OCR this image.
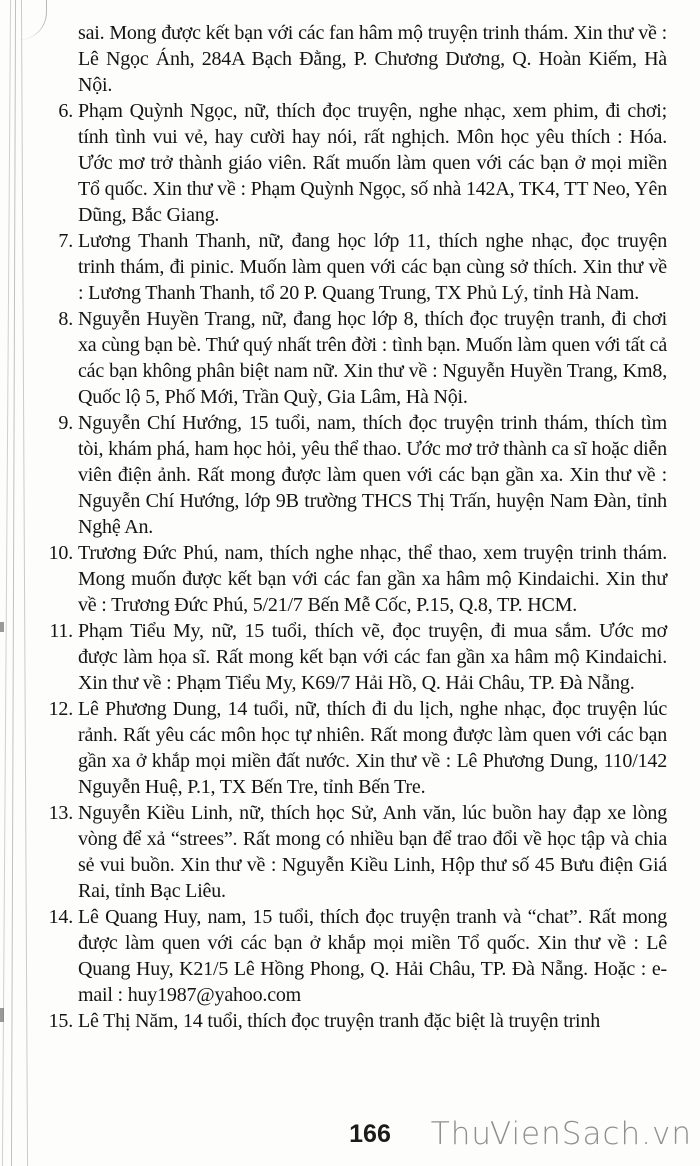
sai. Mong được kết bạn với các fan hâm mộ truyện trinh thám. Xin thư về : Lê Ngọc Ánh, 284A Bạch Đằng, P. Chương Dương, Q. Hoàn Kiếm, Hà Nội.

6. Phạm Quỳnh Ngọc, nữ, thích đọc truyện, nghe nhạc, xem phim, đi chơi; tính tình vui vẻ, hay cười hay nói, rất nghịch. Môn học yêu thích : Hóa. Ước mơ trở thành giáo viên. Rất muốn làm quen với các bạn ở mọi miền Tổ quốc. Xin thư về : Phạm Quỳnh Ngọc, số nhà 142A, TK4, TT Neo, Yên Dũng, Bắc Giang.
7. Lương Thanh Thanh, nữ, đang học lớp 11, thích nghe nhạc, đọc truyện trinh thám, đi pinic. Muốn làm quen với các bạn cùng sở thích. Xin thư về : Lương Thanh Thanh, tổ 20 P. Quang Trung, TX Phủ Lý, tỉnh Hà Nam.
8. Nguyễn Huyền Trang, nữ, đang học lớp 8, thích đọc truyện tranh, đi chơi xa cùng bạn bè. Thứ quý nhất trên đời : tình bạn. Muốn làm quen với tất cả các bạn không phân biệt nam nữ. Xin thư về : Nguyễn Huyền Trang, Km8, Quốc lộ 5, Phố Mới, Trần Quỳ, Gia Lâm, Hà Nội.
9. Nguyễn Chí Hướng, 15 tuổi, nam, thích đọc truyện trinh thám, thích tìm tòi, khám phá, ham học hỏi, yêu thể thao. Ước mơ trở thành ca sĩ hoặc diễn viên điện ảnh. Rất mong được làm quen với các bạn gần xa. Xin thư về : Nguyễn Chí Hướng, lớp 9B trường THCS Thị Trấn, huyện Nam Đàn, tỉnh Nghệ An.
10. Trương Đức Phú, nam, thích nghe nhạc, thể thao, xem truyện trinh thám. Mong muốn được kết bạn với các fan gần xa hâm mộ Kindaichi. Xin thư về : Trương Đức Phú, 5/21/7 Bến Mễ Cốc, P.15, Q.8, TP. HCM.
11. Phạm Tiểu My, nữ, 15 tuổi, thích vẽ, đọc truyện, đi mua sắm. Ước mơ được làm họa sĩ. Rất mong kết bạn với các fan gần xa hâm mộ Kindaichi. Xin thư về : Phạm Tiểu My, K69/7 Hải Hồ, Q. Hải Châu, TP. Đà Nẵng.
12. Lê Phương Dung, 14 tuổi, nữ, thích đi du lịch, nghe nhạc, đọc truyện lúc rảnh. Rất yêu các môn học tự nhiên. Rất mong được làm quen với các bạn gần xa ở khắp mọi miền đất nước. Xin thư về : Lê Phương Dung, 110/142 Nguyễn Huệ, P.1, TX Bến Tre, tỉnh Bến Tre.
13. Nguyễn Kiều Linh, nữ, thích học Sử, Anh văn, lúc buồn hay đạp xe lòng vòng để xả “strees”. Rất mong có nhiều bạn để trao đổi về học tập và chia sẻ vui buồn. Xin thư về : Nguyễn Kiều Linh, Hộp thư số 45 Bưu điện Giá Rai, tỉnh Bạc Liêu.
14. Lê Quang Huy, nam, 15 tuổi, thích đọc truyện tranh và “chat”. Rất mong được làm quen với các bạn ở khắp mọi miền Tổ quốc. Xin thư về : Lê Quang Huy, K21/5 Lê Hồng Phong, Q. Hải Châu, TP. Đà Nẵng. Hoặc : e-mail : huy1987@yahoo.com
15. Lê Thị Năm, 14 tuổi, thích đọc truyện tranh đặc biệt là truyện trinh
166 ThuVienSach.vn
